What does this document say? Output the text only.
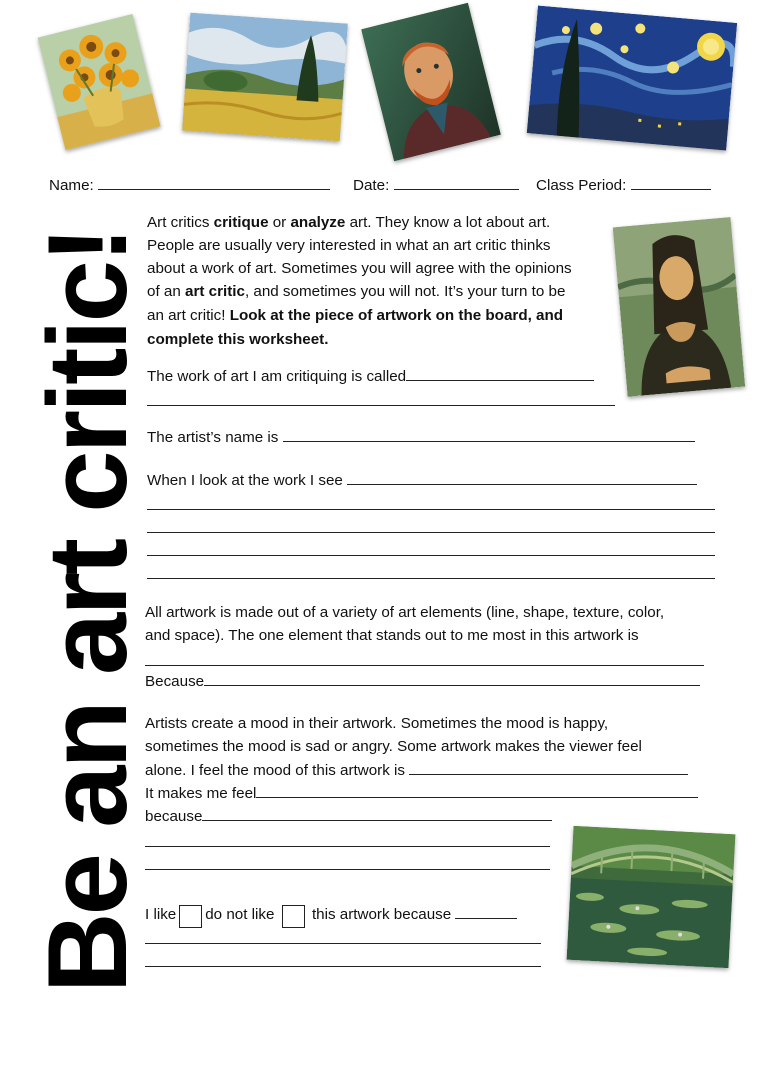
Name:	Date:	Class Period:
Be an art critic!
Art critics critique or analyze art. They know a lot about art.
People are usually very interested in what an art critic thinks
about a work of art. Sometimes you will agree with the opinions
of an art critic, and sometimes you will not. It’s your turn to be
an art critic! Look at the piece of artwork on the board, and
complete this worksheet.
The work of art I am critiquing is called
The artist’s name is
When I look at the work I see
All artwork is made out of a variety of art elements (line, shape, texture, color,
and space). The one element that stands out to me most in this artwork is
Because
Artists create a mood in their artwork. Sometimes the mood is happy,
sometimes the mood is sad or angry. Some artwork makes the viewer feel
alone. I feel the mood of this artwork is
It makes me feel
because
I like do not like this artwork because
